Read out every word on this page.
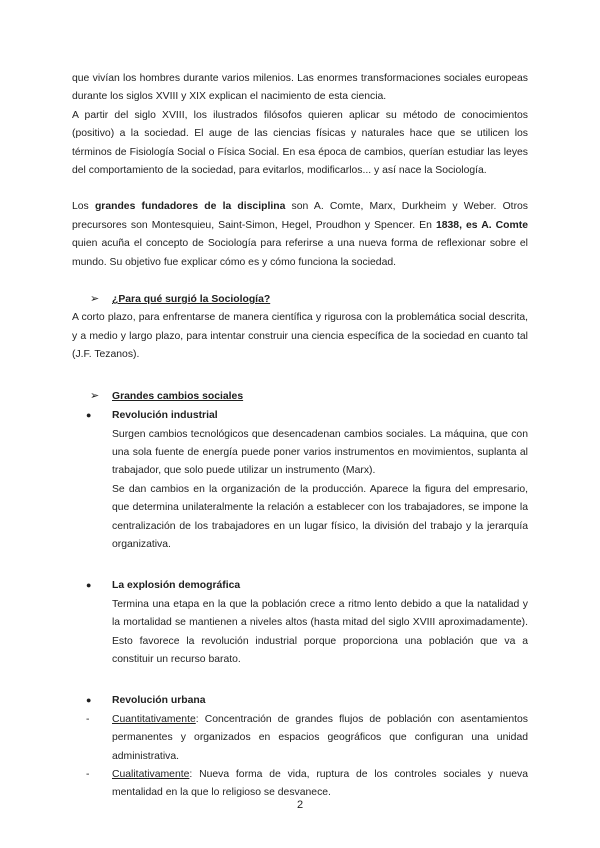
que vivían los hombres durante varios milenios. Las enormes transformaciones sociales europeas durante los siglos XVIII y XIX explican el nacimiento de esta ciencia.

A partir del siglo XVIII, los ilustrados filósofos quieren aplicar su método de conocimientos (positivo) a la sociedad. El auge de las ciencias físicas y naturales hace que se utilicen los términos de Fisiología Social o Física Social. En esa época de cambios, querían estudiar las leyes del comportamiento de la sociedad, para evitarlos, modificarlos... y así nace la Sociología.

Los grandes fundadores de la disciplina son A. Comte, Marx, Durkheim y Weber. Otros precursores son Montesquieu, Saint-Simon, Hegel, Proudhon y Spencer. En 1838, es A. Comte quien acuña el concepto de Sociología para referirse a una nueva forma de reflexionar sobre el mundo. Su objetivo fue explicar cómo es y cómo funciona la sociedad.

➢	¿Para qué surgió la Sociología?

A corto plazo, para enfrentarse de manera científica y rigurosa con la problemática social descrita, y a medio y largo plazo, para intentar construir una ciencia específica de la sociedad en cuanto tal (J.F. Tezanos).

➢	Grandes cambios sociales
●	Revolución industrial

Surgen cambios tecnológicos que desencadenan cambios sociales. La máquina, que con una sola fuente de energía puede poner varios instrumentos en movimientos, suplanta al trabajador, que solo puede utilizar un instrumento (Marx).

Se dan cambios en la organización de la producción. Aparece la figura del empresario, que determina unilateralmente la relación a establecer con los trabajadores, se impone la centralización de los trabajadores en un lugar físico, la división del trabajo y la jerarquía organizativa.

●	La explosión demográfica

Termina una etapa en la que la población crece a ritmo lento debido a que la natalidad y la mortalidad se mantienen a niveles altos (hasta mitad del siglo XVIII aproximadamente). Esto favorece la revolución industrial porque proporciona una población que va a constituir un recurso barato.

●	Revolución urbana
-	Cuantitativamente: Concentración de grandes flujos de población con asentamientos permanentes y organizados en espacios geográficos que configuran una unidad administrativa.
-	Cualitativamente: Nueva forma de vida, ruptura de los controles sociales y nueva mentalidad en la que lo religioso se desvanece.
2
